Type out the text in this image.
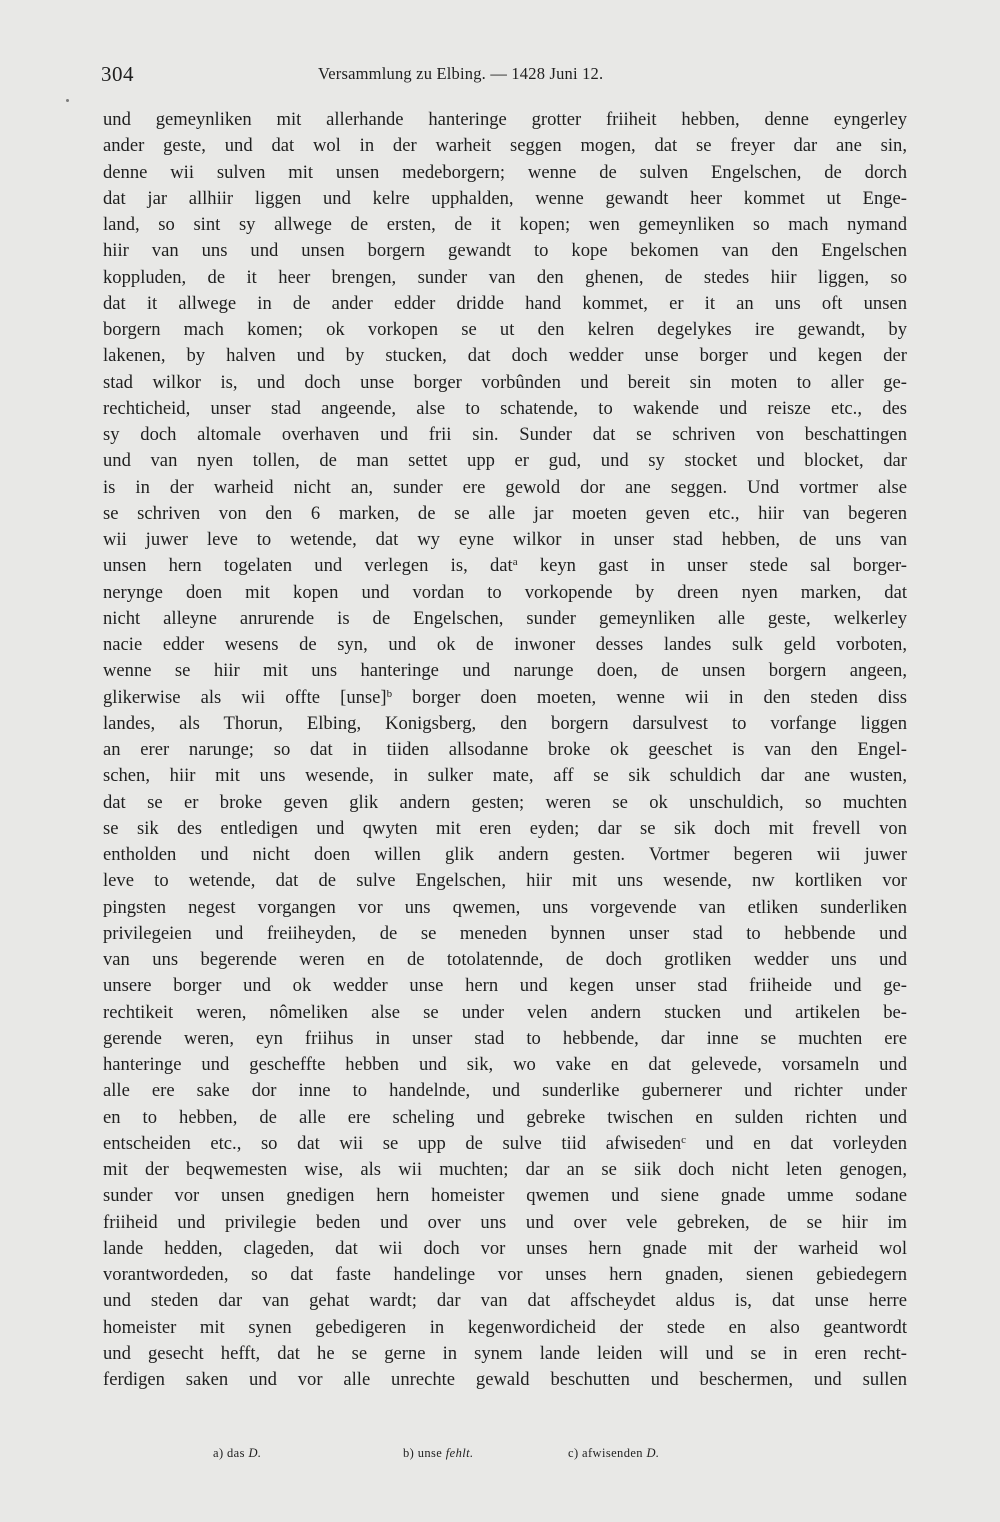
304	Versammlung zu Elbing. — 1428 Juni 12.
und gemeynliken mit allerhande hanteringe grotter friiheit hebben, denne eyngerley
ander geste, und dat wol in der warheit seggen mogen, dat se freyer dar ane sin,
denne wii sulven mit unsen medeborgern; wenne de sulven Engelschen, de dorch
dat jar allhiir liggen und kelre upphalden, wenne gewandt heer kommet ut Enge-
land, so sint sy allwege de ersten, de it kopen; wen gemeynliken so mach nymand
hiir van uns und unsen borgern gewandt to kope bekomen van den Engelschen
koppluden, de it heer brengen, sunder van den ghenen, de stedes hiir liggen, so
dat it allwege in de ander edder dridde hand kommet, er it an uns oft unsen
borgern mach komen; ok vorkopen se ut den kelren degelykes ire gewandt, by
lakenen, by halven und by stucken, dat doch wedder unse borger und kegen der
stad wilkor is, und doch unse borger vorbûnden und bereit sin moten to aller ge-
rechticheid, unser stad angeende, alse to schatende, to wakende und reisze etc., des
sy doch altomale overhaven und frii sin. Sunder dat se schriven von beschattingen
und van nyen tollen, de man settet upp er gud, und sy stocket und blocket, dar
is in der warheid nicht an, sunder ere gewold dor ane seggen. Und vortmer alse
se schriven von den 6 marken, de se alle jar moeten geven etc., hiir van begeren
wii juwer leve to wetende, dat wy eyne wilkor in unser stad hebben, de uns van
unsen hern togelaten und verlegen is, dat$^a$ keyn gast in unser stede sal borger-
nerynge doen mit kopen und vordan to vorkopende by dreen nyen marken, dat
nicht alleyne anrurende is de Engelschen, sunder gemeynliken alle geste, welkerley
nacie edder wesens de syn, und ok de inwoner desses landes sulk geld vorboten,
wenne se hiir mit uns hanteringe und narunge doen, de unsen borgern angeen,
glikerwise als wii offte [unse]$^b$ borger doen moeten, wenne wii in den steden diss
landes, als Thorun, Elbing, Konigsberg, den borgern darsulvest to vorfange liggen
an erer narunge; so dat in tiiden allsodanne broke ok geeschet is van den Engel-
schen, hiir mit uns wesende, in sulker mate, aff se sik schuldich dar ane wusten,
dat se er broke geven glik andern gesten; weren se ok unschuldich, so muchten
se sik des entledigen und qwyten mit eren eyden; dar se sik doch mit frevell von
entholden und nicht doen willen glik andern gesten. Vortmer begeren wii juwer
leve to wetende, dat de sulve Engelschen, hiir mit uns wesende, nw kortliken vor
pingsten negest vorgangen vor uns qwemen, uns vorgevende van etliken sunderliken
privilegeien und freiiheyden, de se meneden bynnen unser stad to hebbende und
van uns begerende weren en de totolatennde, de doch grotliken wedder uns und
unsere borger und ok wedder unse hern und kegen unser stad friiheide und ge-
rechtikeit weren, nômeliken alse se under velen andern stucken und artikelen be-
gerende weren, eyn friihus in unser stad to hebbende, dar inne se muchten ere
hanteringe und gescheffte hebben und sik, wo vake en dat gelevede, vorsameln und
alle ere sake dor inne to handelnde, und sunderlike gubernerer und richter under
en to hebben, de alle ere scheling und gebreke twischen en sulden richten und
entscheiden etc., so dat wii se upp de sulve tiid afwiseden$^c$ und en dat vorleyden
mit der beqwemesten wise, als wii muchten; dar an se siik doch nicht leten genogen,
sunder vor unsen gnedigen hern homeister qwemen und siene gnade umme sodane
friiheid und privilegie beden und over uns und over vele gebreken, de se hiir im
lande hedden, clageden, dat wii doch vor unses hern gnade mit der warheid wol
vorantwordeden, so dat faste handelinge vor unses hern gnaden, sienen gebiedegern
und steden dar van gehat wardt; dar van dat affscheydet aldus is, dat unse herre
homeister mit synen gebedigeren in kegenwordicheid der stede en also geantwordt
und gesecht hefft, dat he se gerne in synem lande leiden will und se in eren recht-
ferdigen saken und vor alle unrechte gewald beschutten und beschermen, und sullen
a) das D.	b) unse fehlt.	c) afwisenden D.
